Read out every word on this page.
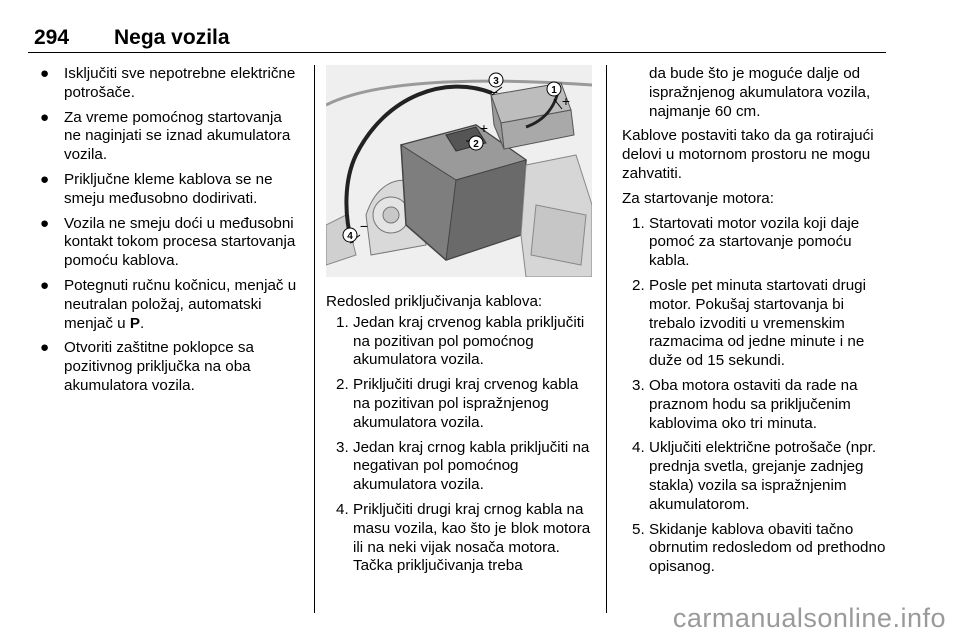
294 Nega vozila
● Isključiti sve nepotrebne električne potrošače.
● Za vreme pomoćnog startovanja ne naginjati se iznad akumulatora vozila.
● Priključne kleme kablova se ne smeju međusobno dodirivati.
● Vozila ne smeju doći u međusobni kontakt tokom procesa startovanja pomoću kablova.
● Potegnuti ručnu kočnicu, menjač u neutralan položaj, automatski menjač u P.
● Otvoriti zaštitne poklopce sa pozitivnog priključka na oba akumulatora vozila.
3
−	1
+
2
+
4
−
Redosled priključivanja kablova:
1. Jedan kraj crvenog kabla priključiti na pozitivan pol pomoćnog akumulatora vozila.
2. Priključiti drugi kraj crvenog kabla na pozitivan pol ispražnjenog akumulatora vozila.
3. Jedan kraj crnog kabla priključiti na negativan pol pomoćnog akumulatora vozila.
4. Priključiti drugi kraj crnog kabla na masu vozila, kao što je blok motora ili na neki vijak nosača motora. Tačka priključivanja treba
da bude što je moguće dalje od ispražnjenog akumulatora vozila, najmanje 60 cm.
Kablove postaviti tako da ga rotirajući delovi u motornom prostoru ne mogu zahvatiti.
Za startovanje motora:
1. Startovati motor vozila koji daje pomoć za startovanje pomoću kabla.
2. Posle pet minuta startovati drugi motor. Pokušaj startovanja bi trebalo izvoditi u vremenskim razmacima od jedne minute i ne duže od 15 sekundi.
3. Oba motora ostaviti da rade na praznom hodu sa priključenim kablovima oko tri minuta.
4. Uključiti električne potrošače (npr. prednja svetla, grejanje zadnjeg stakla) vozila sa ispražnjenim akumulatorom.
5. Skidanje kablova obaviti tačno obrnutim redosledom od prethodno opisanog.
carmanualsonline.info
